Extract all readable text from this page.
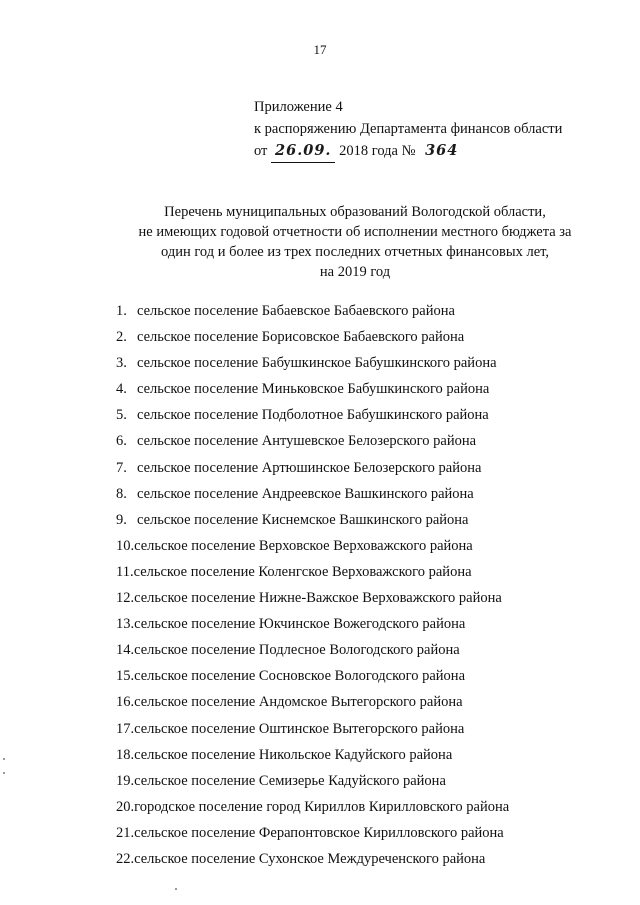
17
Приложение 4
к распоряжению Департамента финансов области
от 26.09. 2018 года № 364
Перечень муниципальных образований Вологодской области,
не имеющих годовой отчетности об исполнении местного бюджета за
один год и более из трех последних отчетных финансовых лет,
на 2019 год
1. сельское поселение Бабаевское Бабаевского района
2. сельское поселение Борисовское Бабаевского района
3. сельское поселение Бабушкинское Бабушкинского района
4. сельское поселение Миньковское Бабушкинского района
5. сельское поселение Подболотное Бабушкинского района
6. сельское поселение Антушевское Белозерского района
7. сельское поселение Артюшинское Белозерского района
8. сельское поселение Андреевское Вашкинского района
9. сельское поселение Киснемское Вашкинского района
10.сельское поселение Верховское Верховажского района
11.сельское поселение Коленгское Верховажского района
12.сельское поселение Нижне-Важское Верховажского района
13.сельское поселение Юкчинское Вожегодского района
14.сельское поселение Подлесное Вологодского района
15.сельское поселение Сосновское Вологодского района
16.сельское поселение Андомское Вытегорского района
17.сельское поселение Оштинское Вытегорского района
18.сельское поселение Никольское Кадуйского района
19.сельское поселение Семизерье Кадуйского района
20.городское поселение город Кириллов Кирилловского района
21.сельское поселение Ферапонтовское Кирилловского района
22.сельское поселение Сухонское Междуреченского района
